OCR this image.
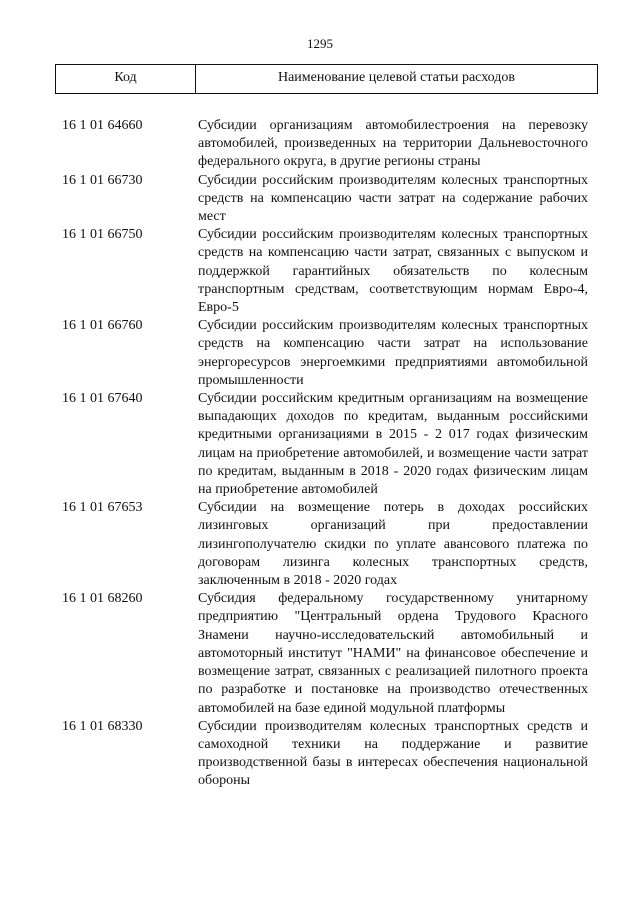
1295
Код	Наименование целевой статьи расходов
16 1 01 64660	Субсидии организациям автомобилестроения на перевозку автомобилей, произведенных на территории Дальневосточного федерального округа, в другие регионы страны
16 1 01 66730	Субсидии российским производителям колесных транспортных средств на компенсацию части затрат на содержание рабочих мест
16 1 01 66750	Субсидии российским производителям колесных транспортных средств на компенсацию части затрат, связанных с выпуском и поддержкой гарантийных обязательств по колесным транспортным средствам, соответствующим нормам Евро-4, Евро-5
16 1 01 66760	Субсидии российским производителям колесных транспортных средств на компенсацию части затрат на использование энергоресурсов энергоемкими предприятиями автомобильной промышленности
16 1 01 67640	Субсидии российским кредитным организациям на возмещение выпадающих доходов по кредитам, выданным российскими кредитными организациями в 2015 - 2 017 годах физическим лицам на приобретение автомобилей, и возмещение части затрат по кредитам, выданным в 2018 - 2020 годах физическим лицам на приобретение автомобилей
16 1 01 67653	Субсидии на возмещение потерь в доходах российских лизинговых организаций при предоставлении лизингополучателю скидки по уплате авансового платежа по договорам лизинга колесных транспортных средств, заключенным в 2018 - 2020 годах
16 1 01 68260	Субсидия федеральному государственному унитарному предприятию "Центральный ордена Трудового Красного Знамени научно-исследовательский автомобильный и автомоторный институт "НАМИ" на финансовое обеспечение и возмещение затрат, связанных с реализацией пилотного проекта по разработке и постановке на производство отечественных автомобилей на базе единой модульной платформы
16 1 01 68330	Субсидии производителям колесных транспортных средств и самоходной техники на поддержание и развитие производственной базы в интересах обеспечения национальной обороны
